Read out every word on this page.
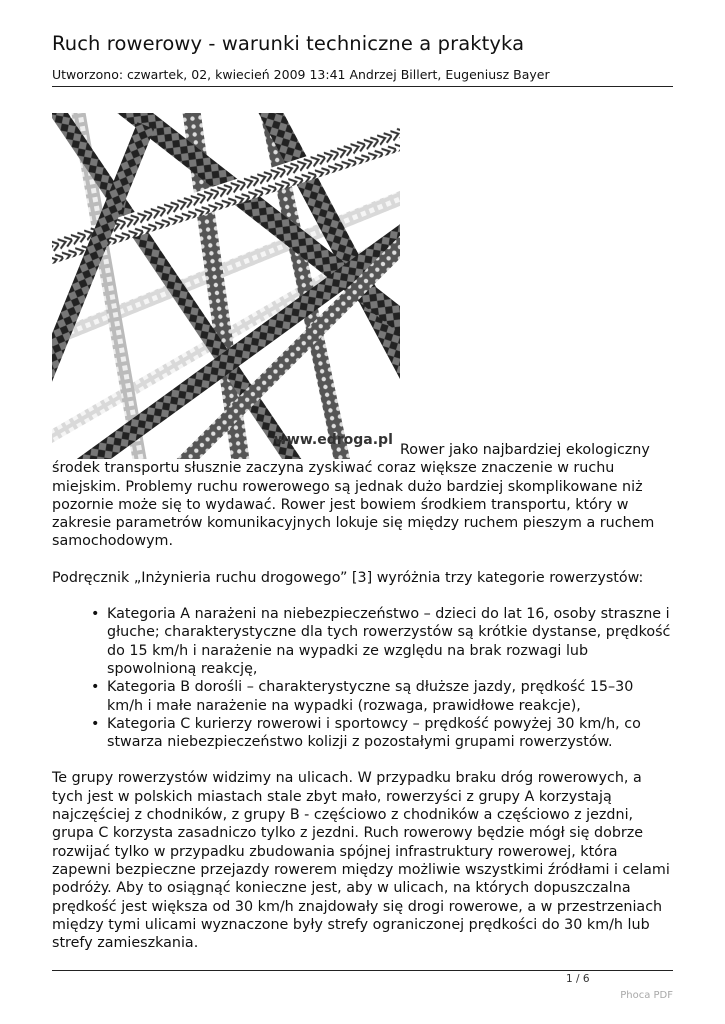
Ruch rowerowy - warunki techniczne a praktyka
Utworzono: czwartek, 02, kwiecień 2009 13:41 Andrzej Billert, Eugeniusz Bayer
www.edroga.pl

Rower jako najbardziej ekologiczny środek transportu słusznie zaczyna zyskiwać coraz większe znaczenie w ruchu miejskim. Problemy ruchu rowerowego są jednak dużo bardziej skomplikowane niż pozornie może się to wydawać. Rower jest bowiem środkiem transportu, który w zakresie parametrów komunikacyjnych lokuje się między ruchem pieszym a ruchem samochodowym.

Podręcznik „Inżynieria ruchu drogowego” [3] wyróżnia trzy kategorie rowerzystów:

• Kategoria A narażeni na niebezpieczeństwo – dzieci do lat 16, osoby straszne i głuche; charakterystyczne dla tych rowerzystów są krótkie dystanse, prędkość do 15 km/h i narażenie na wypadki ze względu na brak rozwagi lub spowolnioną reakcję,
• Kategoria B dorośli – charakterystyczne są dłuższe jazdy, prędkość 15–30 km/h i małe narażenie na wypadki (rozwaga, prawidłowe reakcje),
• Kategoria C kurierzy rowerowi i sportowcy – prędkość powyżej 30 km/h, co stwarza niebezpieczeństwo kolizji z pozostałymi grupami rowerzystów.

Te grupy rowerzystów widzimy na ulicach. W przypadku braku dróg rowerowych, a tych jest w polskich miastach stale zbyt mało, rowerzyści z grupy A korzystają najczęściej z chodników, z grupy B - częściowo z chodników a częściowo z jezdni, grupa C korzysta zasadniczo tylko z jezdni. Ruch rowerowy będzie mógł się dobrze rozwijać tylko w przypadku zbudowania spójnej infrastruktury rowerowej, która zapewni bezpieczne przejazdy rowerem między możliwie wszystkimi źródłami i celami podróży. Aby to osiągnąć konieczne jest, aby w ulicach, na których dopuszczalna prędkość jest większa od 30 km/h znajdowały się drogi rowerowe, a w przestrzeniach między tymi ulicami wyznaczone były strefy ograniczonej prędkości do 30 km/h lub strefy zamieszkania.

1 / 6
Phoca PDF
